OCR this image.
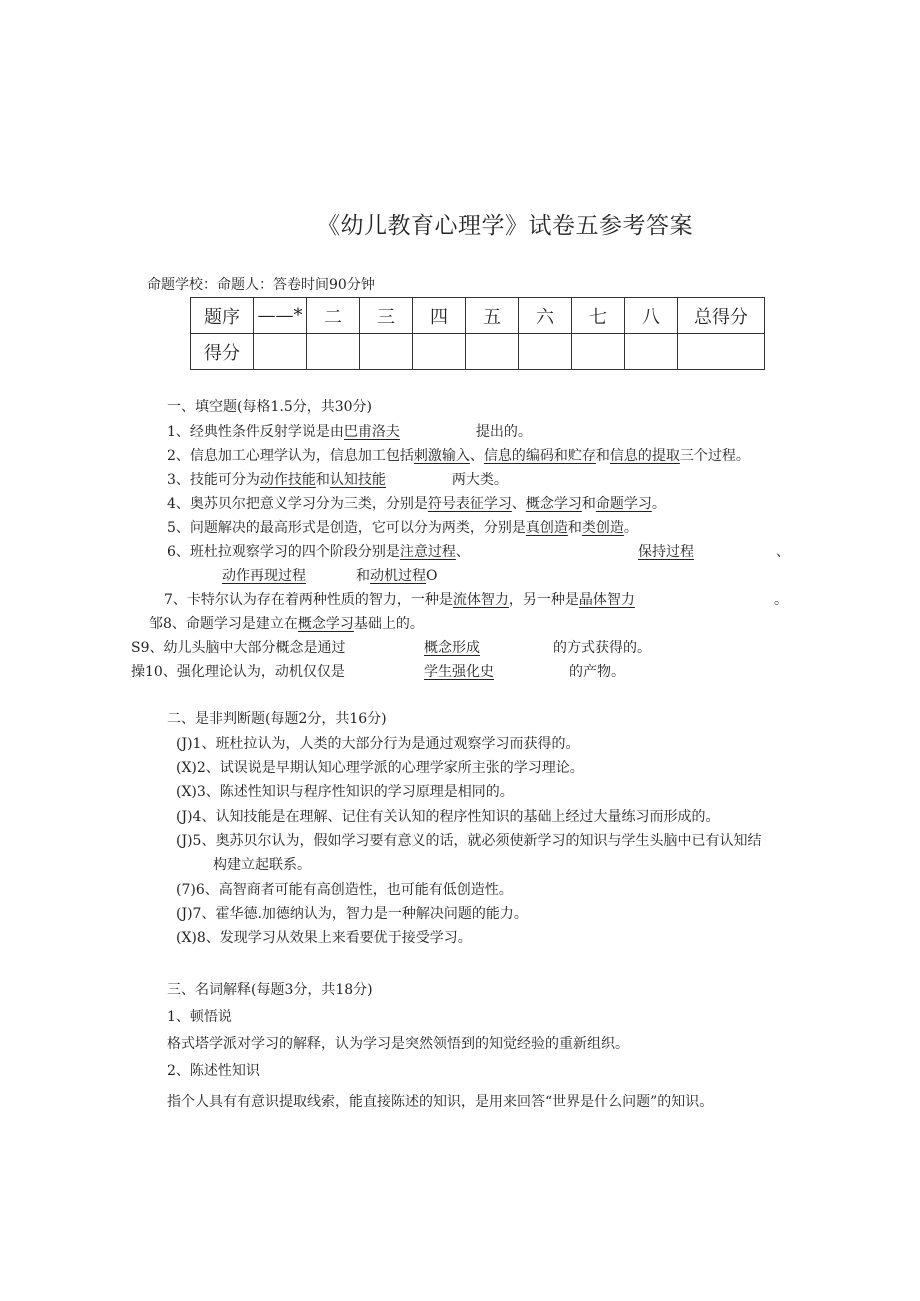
《幼儿教育心理学》试卷五参考答案
命题学校：命题人：答卷时间90分钟
题序	——*	二	三	四	五	六	七	八	总得分
得分									
一、填空题(每格1.5分，共30分)
1、经典性条件反射学说是由巴甫洛夫	提出的。
2、信息加工心理学认为，信息加工包括刺激输入、信息的编码和贮存和信息的提取三个过程。
3、技能可分为动作技能和认知技能	两大类。
4、奥苏贝尔把意义学习分为三类，分别是符号表征学习、概念学习和命题学习。
5、问题解决的最高形式是创造，它可以分为两类，分别是真创造和类创造。
6、班杜拉观察学习的四个阶段分别是注意过程、	保持过程	、
动作再现过程	和动机过程O
7、卡特尔认为存在着两种性质的智力，一种是流体智力，另一种是晶体智力	。
邹8、命题学习是建立在概念学习基础上的。
S9、幼儿头脑中大部分概念是通过	概念形成	的方式获得的。
操10、强化理论认为，动机仅仅是	学生强化史	的产物。
二、是非判断题(每题2分，共16分)
(J)1、班杜拉认为，人类的大部分行为是通过观察学习而获得的。
(X)2、试误说是早期认知心理学派的心理学家所主张的学习理论。
(X)3、陈述性知识与程序性知识的学习原理是相同的。
(J)4、认知技能是在理解、记住有关认知的程序性知识的基础上经过大量练习而形成的。
(J)5、奥苏贝尔认为，假如学习要有意义的话，就必须使新学习的知识与学生头脑中已有认知结
构建立起联系。
(7)6、高智商者可能有高创造性，也可能有低创造性。
(J)7、霍华德.加德纳认为，智力是一种解决问题的能力。
(X)8、发现学习从效果上来看要优于接受学习。
三、名词解释(每题3分，共18分)
1、顿悟说
格式塔学派对学习的解释，认为学习是突然领悟到的知觉经验的重新组织。
2、陈述性知识
指个人具有有意识提取线索，能直接陈述的知识，是用来回答“世界是什么问题”的知识。
